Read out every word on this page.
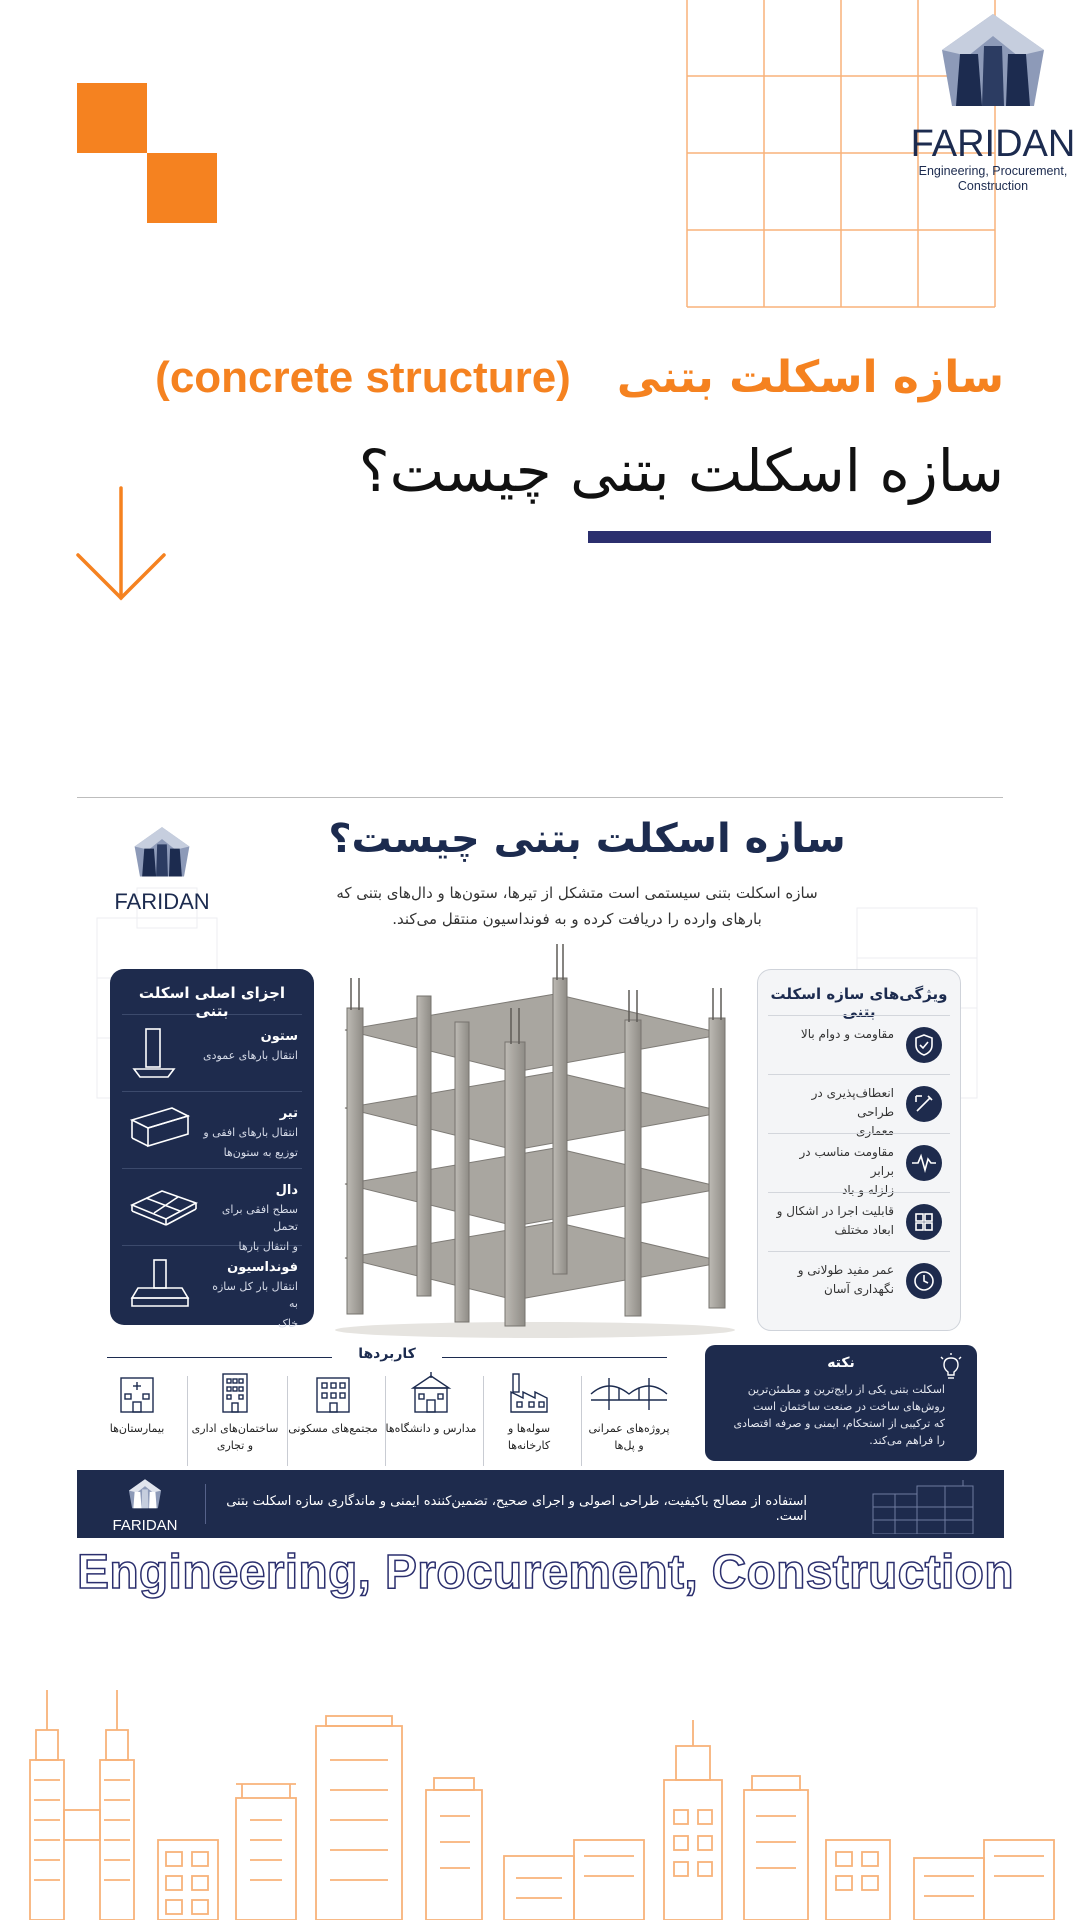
FARIDAN
Engineering, Procurement,
Construction
سازه اسکلت بتنی(concrete structure)
سازه اسکلت بتنی چیست؟
FARIDAN
سازه اسکلت بتنی چیست؟
سازه اسکلت بتنی سیستمی است متشکل از تیرها، ستون‌ها و دال‌های بتنی که
بارهای وارده را دریافت کرده و به فونداسیون منتقل می‌کند.
اجزای اصلی اسکلت بتنی
ستون
انتقال بارهای عمودی
تیر
انتقال بارهای افقی و
توزیع به ستون‌ها
دال
سطح افقی برای تحمل
و انتقال بارها
فونداسیون
انتقال بار کل سازه به
خاک
ویژگی‌های سازه اسکلت بتنی
مقاومت و دوام بالا
انعطاف‌پذیری در طراحی
معماری
مقاومت مناسب در برابر
زلزله و باد
قابلیت اجرا در اشکال و
ابعاد مختلف
عمر مفید طولانی و
نگهداری آسان
کاربردها
بیمارستان‌ها	ساختمان‌های اداری
و تجاری
مجتمع‌های مسکونی مدارس و دانشگاه‌ها	سوله‌ها و
کارخانه‌ها
پروژه‌های عمرانی
و پل‌ها
نکته
اسکلت بتنی یکی از رایج‌ترین و مطمئن‌ترین
روش‌های ساخت در صنعت ساختمان است
که ترکیبی از استحکام، ایمنی و صرفه اقتصادی
را فراهم می‌کند.
FARIDAN
استفاده از مصالح باکیفیت، طراحی اصولی و اجرای صحیح، تضمین‌کننده ایمنی و ماندگاری سازه اسکلت بتنی است.
Engineering, Procurement, Construction
